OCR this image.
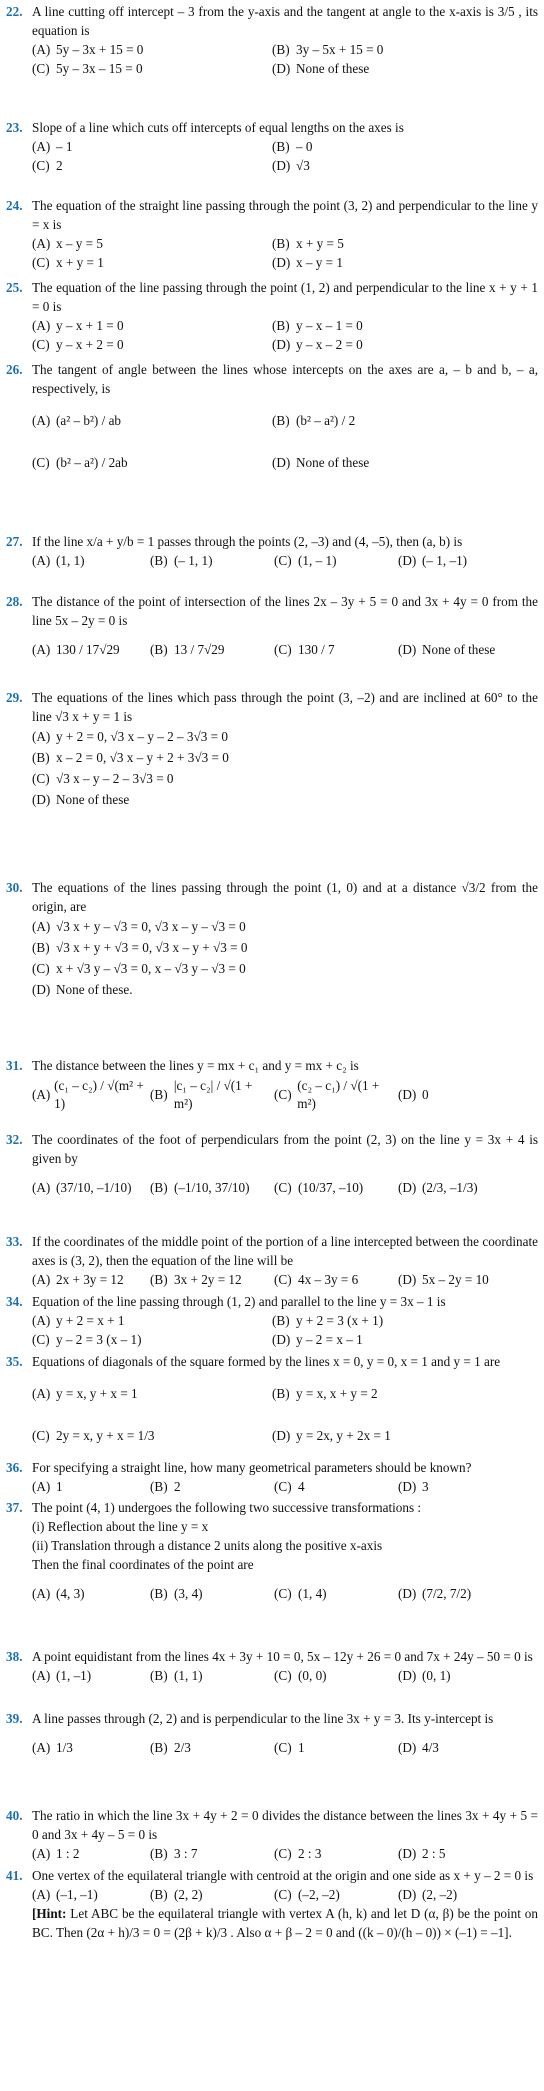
22. A line cutting off intercept – 3 from the y-axis and the tangent at angle to the x-axis is 3/5 , its equation is
(A) 5y – 3x + 15 = 0	(B) 3y – 5x + 15 = 0
(C) 5y – 3x – 15 = 0	(D) None of these
23. Slope of a line which cuts off intercepts of equal lengths on the axes is
(A) – 1	(B) – 0
(C) 2	(D) √3
24. The equation of the straight line passing through the point (3, 2) and perpendicular to the line y = x is
(A) x – y = 5	(B) x + y = 5
(C) x + y = 1	(D) x – y = 1
25. The equation of the line passing through the point (1, 2) and perpendicular to the line x + y + 1 = 0 is
(A) y – x + 1 = 0	(B) y – x – 1 = 0
(C) y – x + 2 = 0	(D) y – x – 2 = 0
26. The tangent of angle between the lines whose intercepts on the axes are a, – b and b, – a, respectively, is
(A) (a² – b²) / ab	(B) (b² – a²) / 2
(C) (b² – a²) / 2ab	(D) None of these
27. If the line x/a + y/b = 1 passes through the points (2, –3) and (4, –5), then (a, b) is
(A) (1, 1)	(B) (– 1, 1)	(C) (1, – 1)	(D) (– 1, –1)
28. The distance of the point of intersection of the lines 2x – 3y + 5 = 0 and 3x + 4y = 0 from the line 5x – 2y = 0 is
(A) 130 / 17√29 (B) 13 / 7√29	(C) 130 / 7	(D) None of these
29. The equations of the lines which pass through the point (3, –2) and are inclined at 60° to the line √3 x + y = 1 is
(A) y + 2 = 0, √3 x – y – 2 – 3√3 = 0
(B) x – 2 = 0, √3 x – y + 2 + 3√3 = 0
(C) √3 x – y – 2 – 3√3 = 0
(D) None of these
30. The equations of the lines passing through the point (1, 0) and at a distance √3/2 from the origin, are
(A) √3 x + y – √3 = 0, √3 x – y – √3 = 0
(B) √3 x + y + √3 = 0, √3 x – y + √3 = 0
(C) x + √3 y – √3 = 0, x – √3 y – √3 = 0
(D) None of these.
31. The distance between the lines y = mx + c₁ and y = mx + c₂ is
(A)
(c₁ – c₂) / √(m² + 1)
(B)
|c₁ – c₂| / √(1 + m²)
(C)
(c₂ – c₁) / √(1 + m²)
(D) 0
32. The coordinates of the foot of perpendiculars from the point (2, 3) on the line y = 3x + 4 is given by
(A) (37/10, –1/10) (B) (–1/10, 37/10) (C) (10/37, –10)	(D) (2/3, –1/3)
33. If the coordinates of the middle point of the portion of a line intercepted between the coordinate axes is (3, 2), then the equation of the line will be
(A) 2x + 3y = 12	(B) 3x + 2y = 12	(C) 4x – 3y = 6	(D) 5x – 2y = 10
34. Equation of the line passing through (1, 2) and parallel to the line y = 3x – 1 is
(A) y + 2 = x + 1	(B) y + 2 = 3 (x + 1)
(C) y – 2 = 3 (x – 1)	(D) y – 2 = x – 1
35. Equations of diagonals of the square formed by the lines x = 0, y = 0, x = 1 and y = 1 are
(A) y = x, y + x = 1	(B) y = x, x + y = 2
(C) 2y = x, y + x = 1/3	(D) y = 2x, y + 2x = 1
36. For specifying a straight line, how many geometrical parameters should be known?
(A) 1	(B) 2	(C) 4	(D) 3
37. The point (4, 1) undergoes the following two successive transformations :
(i) Reflection about the line y = x
(ii) Translation through a distance 2 units along the positive x-axis
Then the final coordinates of the point are
(A) (4, 3)	(B) (3, 4)	(C) (1, 4)	(D) (7/2, 7/2)
38. A point equidistant from the lines 4x + 3y + 10 = 0, 5x – 12y + 26 = 0 and 7x + 24y – 50 = 0 is
(A) (1, –1)	(B) (1, 1)	(C) (0, 0)	(D) (0, 1)
39. A line passes through (2, 2) and is perpendicular to the line 3x + y = 3. Its y-intercept is
(A) 1/3	(B) 2/3	(C) 1	(D) 4/3
40. The ratio in which the line 3x + 4y + 2 = 0 divides the distance between the lines 3x + 4y + 5 = 0 and 3x + 4y – 5 = 0 is
(A) 1 : 2	(B) 3 : 7	(C) 2 : 3	(D) 2 : 5
41. One vertex of the equilateral triangle with centroid at the origin and one side as x + y – 2 = 0 is
(A) (–1, –1)	(B) (2, 2)	(C) (–2, –2)	(D) (2, –2)
[Hint: Let ABC be the equilateral triangle with vertex A (h, k) and let D (α, β) be the point on BC. Then (2α + h)/3 = 0 = (2β + k)/3 . Also α + β – 2 = 0 and ((k – 0)/(h – 0)) × (–1) = –1].
